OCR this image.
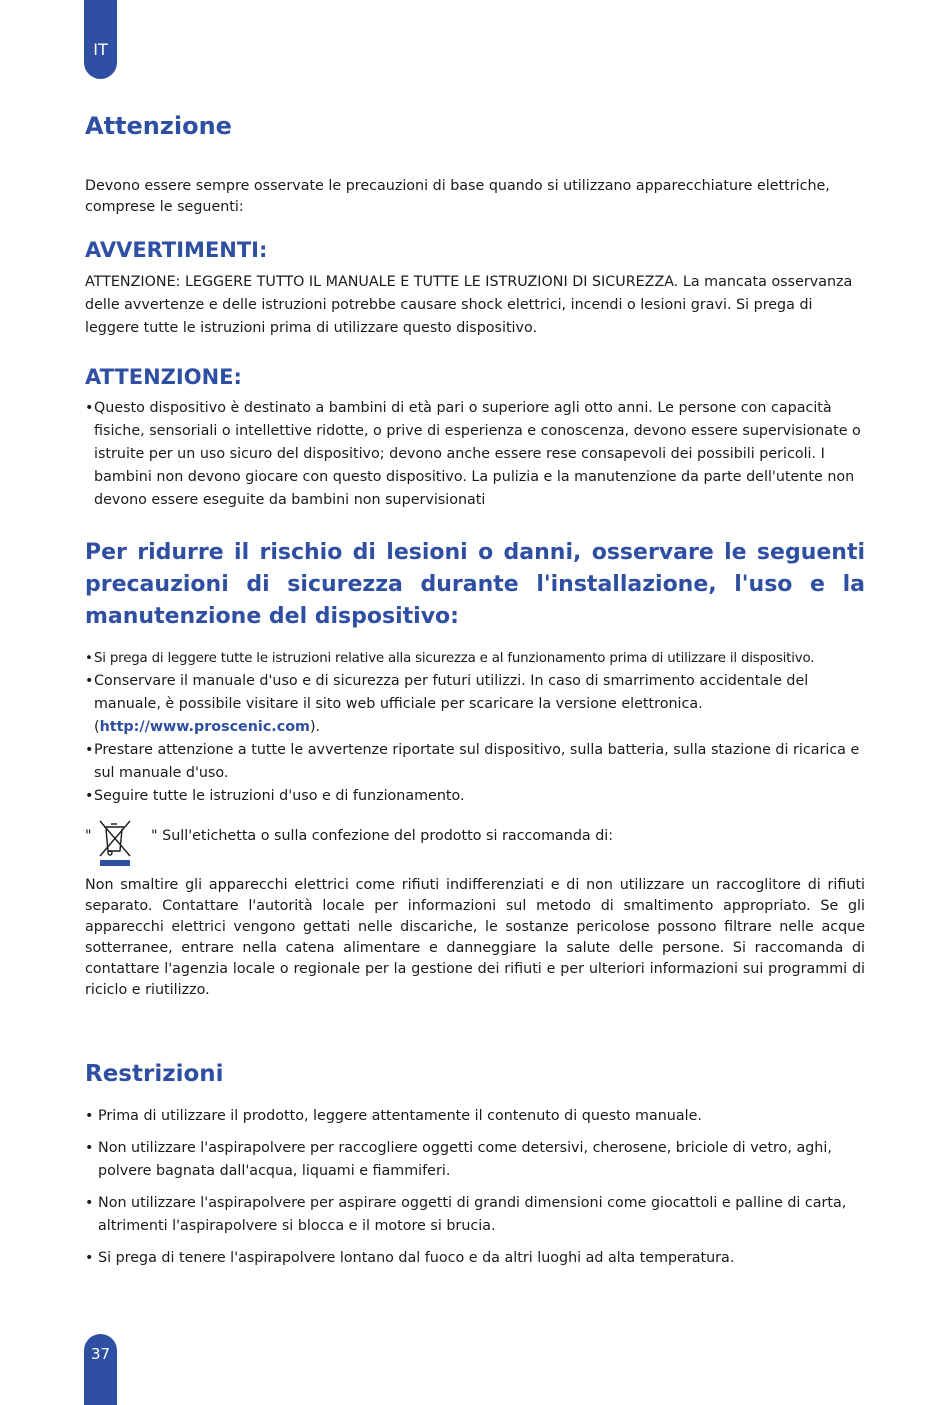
IT
Attenzione

Devono essere sempre osservate le precauzioni di base quando si utilizzano apparecchiature elettriche, comprese le seguenti:

AVVERTIMENTI:

ATTENZIONE: LEGGERE TUTTO IL MANUALE E TUTTE LE ISTRUZIONI DI SICUREZZA. La mancata osservanza delle avvertenze e delle istruzioni potrebbe causare shock elettrici, incendi o lesioni gravi. Si prega di leggere tutte le istruzioni prima di utilizzare questo dispositivo.

ATTENZIONE:
• Questo dispositivo è destinato a bambini di età pari o superiore agli otto anni. Le persone con capacità fisiche, sensoriali o intellettive ridotte, o prive di esperienza e conoscenza, devono essere supervisionate o istruite per un uso sicuro del dispositivo; devono anche essere rese consapevoli dei possibili pericoli. I bambini non devono giocare con questo dispositivo. La pulizia e la manutenzione da parte dell'utente non devono essere eseguite da bambini non supervisionati
Per ridurre il rischio di lesioni o danni, osservare le seguenti precauzioni di sicurezza durante l'installazione, l'uso e la manutenzione del dispositivo:
• Si prega di leggere tutte le istruzioni relative alla sicurezza e al funzionamento prima di utilizzare il dispositivo.
• Conservare il manuale d'uso e di sicurezza per futuri utilizzi. In caso di smarrimento accidentale del manuale, è possibile visitare il sito web ufficiale per scaricare la versione elettronica. (http://www.proscenic.com).
• Prestare attenzione a tutte le avvertenze riportate sul dispositivo, sulla batteria, sulla stazione di ricarica e sul manuale d'uso.
• Seguire tutte le istruzioni d'uso e di funzionamento.
"	" Sull'etichetta o sulla confezione del prodotto si raccomanda di:

Non smaltire gli apparecchi elettrici come rifiuti indifferenziati e di non utilizzare un raccoglitore di rifiuti separato. Contattare l'autorità locale per informazioni sul metodo di smaltimento appropriato. Se gli apparecchi elettrici vengono gettati nelle discariche, le sostanze pericolose possono filtrare nelle acque sotterranee, entrare nella catena alimentare e danneggiare la salute delle persone. Si raccomanda di contattare l'agenzia locale o regionale per la gestione dei rifiuti e per ulteriori informazioni sui programmi di riciclo e riutilizzo.

Restrizioni
• Prima di utilizzare il prodotto, leggere attentamente il contenuto di questo manuale.
• Non utilizzare l'aspirapolvere per raccogliere oggetti come detersivi, cherosene, briciole di vetro, aghi, polvere bagnata dall'acqua, liquami e fiammiferi.
• Non utilizzare l'aspirapolvere per aspirare oggetti di grandi dimensioni come giocattoli e palline di carta, altrimenti l'aspirapolvere si blocca e il motore si brucia.
• Si prega di tenere l'aspirapolvere lontano dal fuoco e da altri luoghi ad alta temperatura.
37
